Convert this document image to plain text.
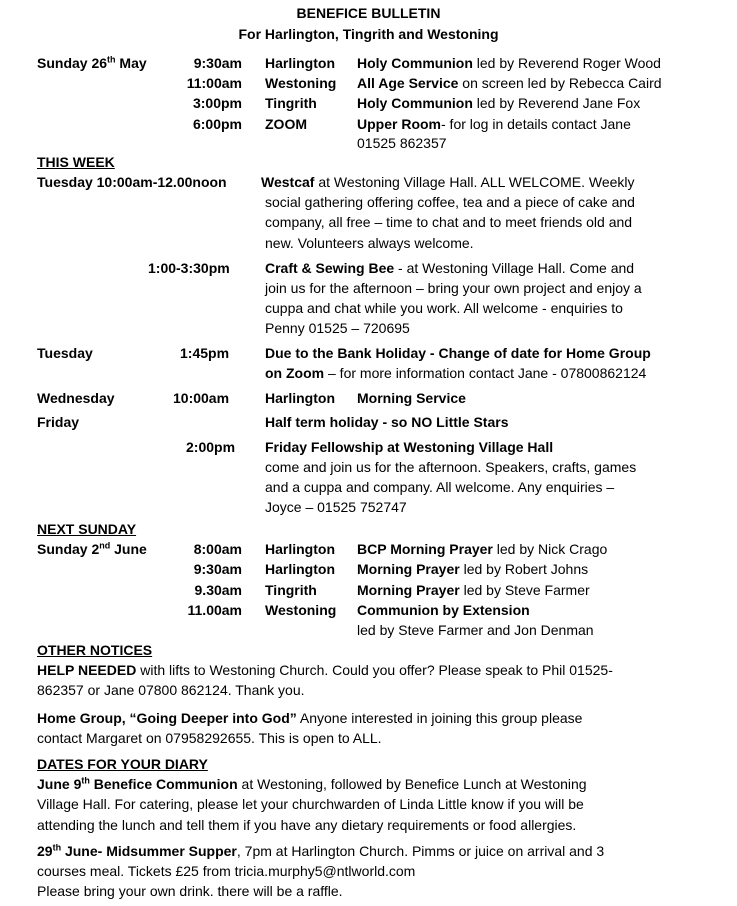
BENEFICE BULLETIN
For Harlington, Tingrith and Westoning
Sunday 26th May	9:30am Harlington Holy Communion led by Reverend Roger Wood
11:00am Westoning All Age Service on screen led by Rebecca Caird
3:00pm Tingrith	Holy Communion led by Reverend Jane Fox
6:00pm ZOOM	Upper Room- for log in details contact Jane
01525 862357
THIS WEEK
Tuesday 10:00am-12.00noon Westcaf at Westoning Village Hall. ALL WELCOME. Weekly
social gathering offering coffee, tea and a piece of cake and
company, all free – time to chat and to meet friends old and
new. Volunteers always welcome.
1:00-3:30pm	Craft & Sewing Bee - at Westoning Village Hall. Come and
join us for the afternoon – bring your own project and enjoy a
cuppa and chat while you work. All welcome - enquiries to
Penny 01525 – 720695
Tuesday	1:45pm	Due to the Bank Holiday - Change of date for Home Group
on Zoom – for more information contact Jane - 07800862124
Wednesday	10:00am	Harlington Morning Service
Friday	Half term holiday - so NO Little Stars
2:00pm Friday Fellowship at Westoning Village Hall
come and join us for the afternoon. Speakers, crafts, games
and a cuppa and company. All welcome. Any enquiries –
Joyce – 01525 752747
NEXT SUNDAY
Sunday 2nd June	8:00am Harlington BCP Morning Prayer led by Nick Crago
9:30am Harlington Morning Prayer led by Robert Johns
9.30am Tingrith	Morning Prayer led by Steve Farmer
11.00am Westoning Communion by Extension
led by Steve Farmer and Jon Denman
OTHER NOTICES
HELP NEEDED with lifts to Westoning Church. Could you offer? Please speak to Phil 01525-
862357 or Jane 07800 862124. Thank you.
Home Group, “Going Deeper into God” Anyone interested in joining this group please
contact Margaret on 07958292655. This is open to ALL.
DATES FOR YOUR DIARY
June 9th Benefice Communion at Westoning, followed by Benefice Lunch at Westoning
Village Hall. For catering, please let your churchwarden of Linda Little know if you will be
attending the lunch and tell them if you have any dietary requirements or food allergies.
29th June- Midsummer Supper, 7pm at Harlington Church. Pimms or juice on arrival and 3
courses meal. Tickets £25 from tricia.murphy5@ntlworld.com
Please bring your own drink. there will be a raffle.
